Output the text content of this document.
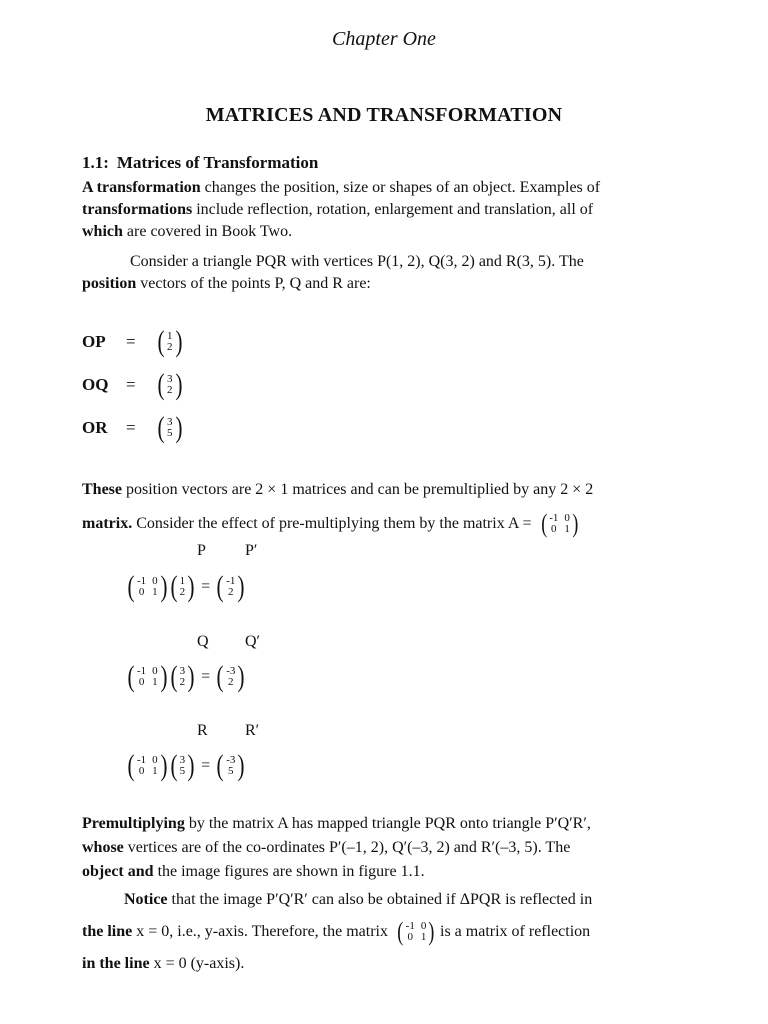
Chapter One
MATRICES AND TRANSFORMATION
1.1: Matrices of Transformation

A transformation changes the position, size or shapes of an object. Examples of
transformations include reflection, rotation, enlargement and translation, all of
which are covered in Book Two.

Consider a triangle PQR with vertices P(1, 2), Q(3, 2) and R(3, 5). The
position vectors of the points P, Q and R are:

OP	= ( 1
2 )
OQ	= ( 3
2 )
OR	= ( 3
5 )

These position vectors are 2 × 1 matrices and can be premultiplied by any 2 × 2
matrix. Consider the effect of pre-multiplying them by the matrix A = ( -1 0
0 1 )

P P′
( -1 0
0 1 ) ( 1
2 ) = ( -1
2 )
Q Q′
( -1 0
0 1 ) ( 3
2 ) = ( -3
2 )
R R′
( -1 0
0 1 ) ( 3
5 ) = ( -3
5 )

Premultiplying by the matrix A has mapped triangle PQR onto triangle P′Q′R′,
whose vertices are of the co-ordinates P′(–1, 2), Q′(–3, 2) and R′(–3, 5). The
object and the image figures are shown in figure 1.1.

Notice that the image P′Q′R′ can also be obtained if ΔPQR is reflected in
the line x = 0, i.e., y-axis. Therefore, the matrix ( -1 0
0 1 ) is a matrix of reflection
in the line x = 0 (y-axis).
